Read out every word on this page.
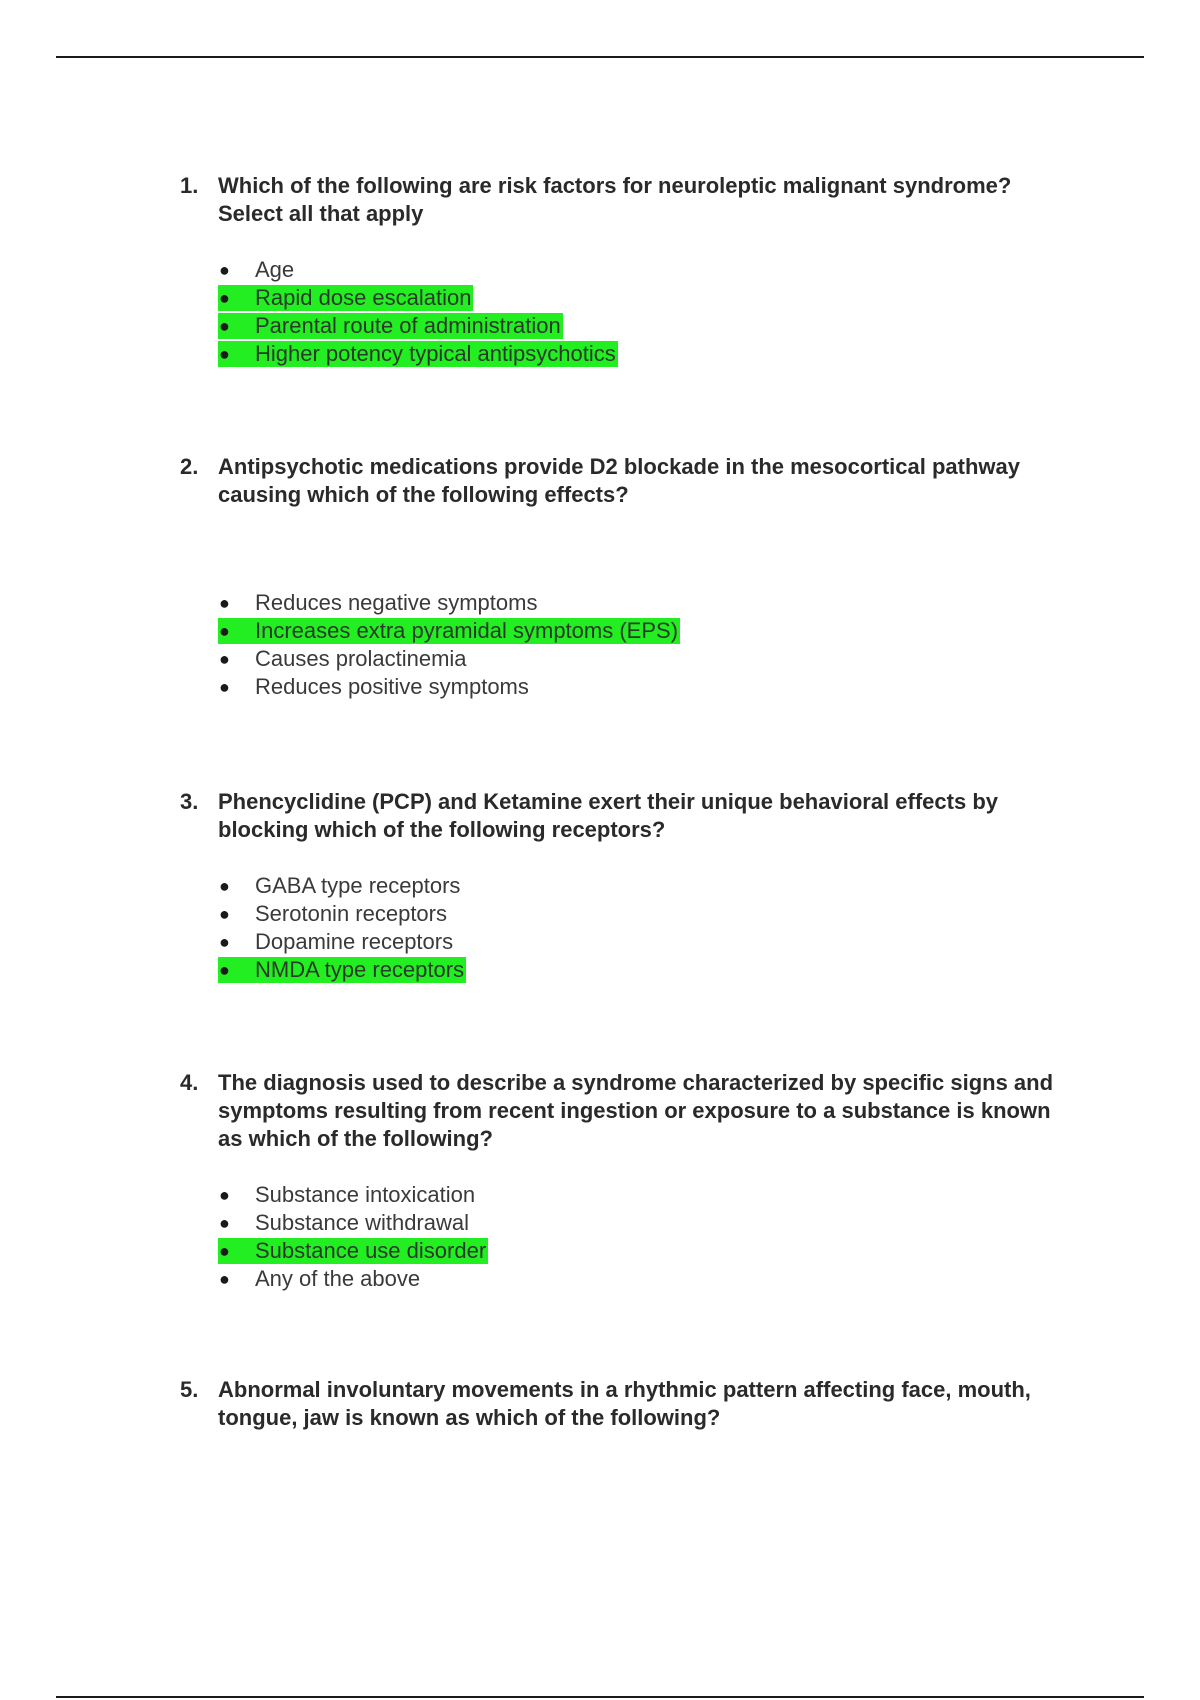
1. Which of the following are risk factors for neuroleptic malignant syndrome? Select all that apply
●	Age
●	Rapid dose escalation
●	Parental route of administration
●	Higher potency typical antipsychotics
2. Antipsychotic medications provide D2 blockade in the mesocortical pathway causing which of the following effects?
●	Reduces negative symptoms
●	Increases extra pyramidal symptoms (EPS)
●	Causes prolactinemia
●	Reduces positive symptoms
3. Phencyclidine (PCP) and Ketamine exert their unique behavioral effects by blocking which of the following receptors?
●	GABA type receptors
●	Serotonin receptors
●	Dopamine receptors
●	NMDA type receptors
4. The diagnosis used to describe a syndrome characterized by specific signs and symptoms resulting from recent ingestion or exposure to a substance is known as which of the following?
●	Substance intoxication
●	Substance withdrawal
●	Substance use disorder
●	Any of the above
5. Abnormal involuntary movements in a rhythmic pattern affecting face, mouth, tongue, jaw is known as which of the following?
